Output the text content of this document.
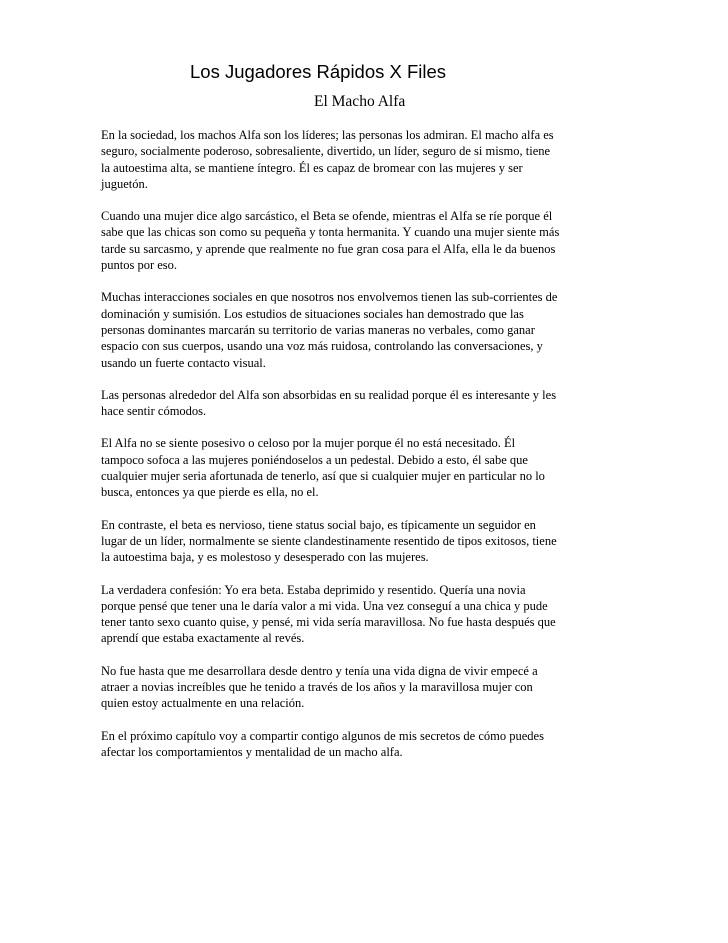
Los Jugadores Rápidos X Files
El Macho Alfa

En la sociedad, los machos Alfa son los líderes; las personas los admiran. El macho alfa es seguro, socialmente poderoso, sobresaliente, divertido, un líder, seguro de si mismo, tiene la autoestima alta, se mantiene íntegro. Él es capaz de bromear con las mujeres y ser juguetón.

Cuando una mujer dice algo sarcástico, el Beta se ofende, mientras el Alfa se ríe porque él sabe que las chicas son como su pequeña y tonta hermanita. Y cuando una mujer siente más tarde su sarcasmo, y aprende que realmente no fue gran cosa para el Alfa, ella le da buenos puntos por eso.

Muchas interacciones sociales en que nosotros nos envolvemos tienen las sub-corrientes de dominación y sumisión. Los estudios de situaciones sociales han demostrado que las personas dominantes marcarán su territorio de varias maneras no verbales, como ganar espacio con sus cuerpos, usando una voz más ruidosa, controlando las conversaciones, y usando un fuerte contacto visual.

Las personas alrededor del Alfa son absorbidas en su realidad porque él es interesante y les hace sentir cómodos.

El Alfa no se siente posesivo o celoso por la mujer porque él no está necesitado. Él tampoco sofoca a las mujeres poniéndoselos a un pedestal. Debido a esto, él sabe que cualquier mujer seria afortunada de tenerlo, así que si cualquier mujer en particular no lo busca, entonces ya que pierde es ella, no el.

En contraste, el beta es nervioso, tiene status social bajo, es típicamente un seguidor en lugar de un líder, normalmente se siente clandestinamente resentido de tipos exitosos, tiene la autoestima baja, y es molestoso y desesperado con las mujeres.

La verdadera confesión: Yo era beta. Estaba deprimido y resentido. Quería una novia porque pensé que tener una le daría valor a mi vida. Una vez conseguí a una chica y pude tener tanto sexo cuanto quise, y pensé, mi vida sería maravillosa. No fue hasta después que aprendí que estaba exactamente al revés.

No fue hasta que me desarrollara desde dentro y tenía una vida digna de vivir empecé a atraer a novias increíbles que he tenido a través de los años y la maravillosa mujer con quien estoy actualmente en una relación.

En el próximo capítulo voy a compartir contigo algunos de mis secretos de cómo puedes afectar los comportamientos y mentalidad de un macho alfa.
